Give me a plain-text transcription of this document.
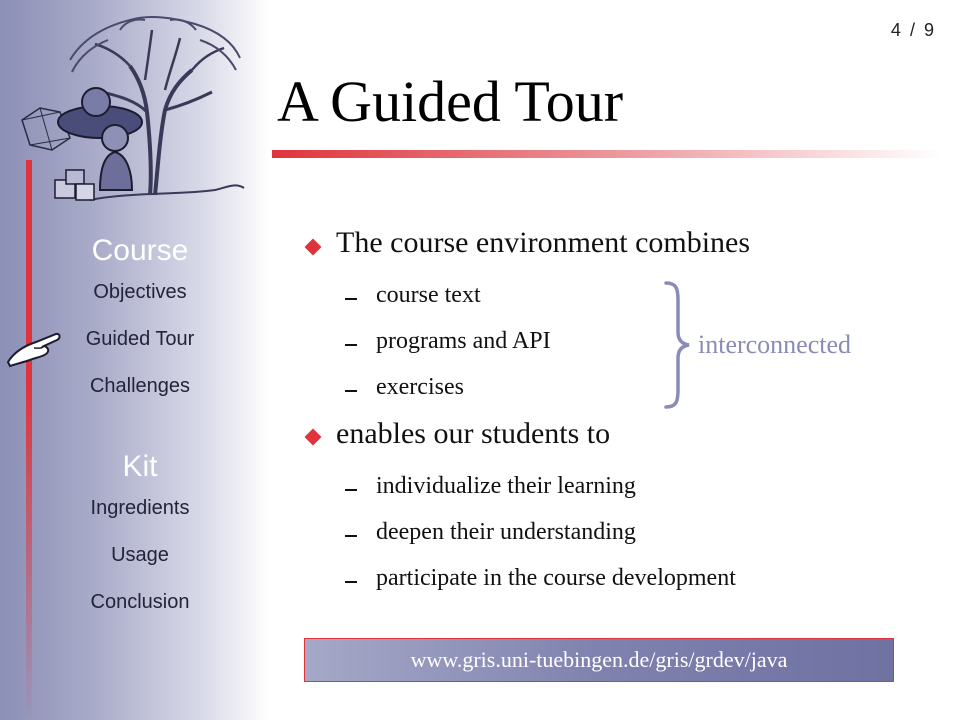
Course
Objectives
Guided Tour
Challenges
Kit
Ingredients
Usage
Conclusion
4 / 9
A Guided Tour
The course environment combines
course text
programs and API
exercises
enables our students to
individualize their learning
deepen their understanding
participate in the course development
interconnected
www.gris.uni-tuebingen.de/gris/grdev/java
